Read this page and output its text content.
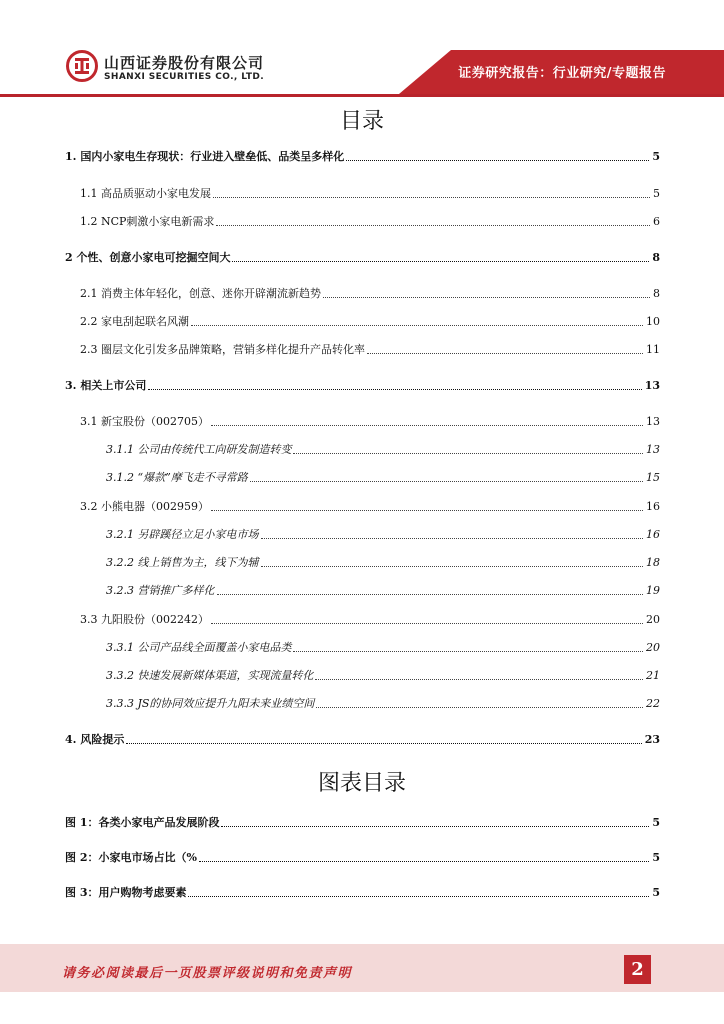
山西证券股份有限公司
SHANXI SECURITIES CO., LTD.	证券研究报告：行业研究/专题报告
目录
1. 国内小家电生存现状：行业进入壁垒低、品类呈多样化	5
1.1 高品质驱动小家电发展	5
1.2 NCP刺激小家电新需求	6
2 个性、创意小家电可挖掘空间大	8
2.1 消费主体年轻化，创意、迷你开辟潮流新趋势	8
2.2 家电刮起联名风潮	10
2.3 圈层文化引发多品牌策略，营销多样化提升产品转化率	11
3. 相关上市公司	13
3.1 新宝股份（002705）	13
3.1.1 公司由传统代工向研发制造转变	13
3.1.2 “爆款”摩飞走不寻常路	15
3.2 小熊电器（002959）	16
3.2.1 另辟蹊径立足小家电市场	16
3.2.2 线上销售为主，线下为辅	18
3.2.3 营销推广多样化	19
3.3 九阳股份（002242）	20
3.3.1 公司产品线全面覆盖小家电品类	20
3.3.2 快速发展新媒体渠道，实现流量转化	21
3.3.3 JS的协同效应提升九阳未来业绩空间	22
4. 风险提示	23
图表目录
图 1：各类小家电产品发展阶段	5
图 2：小家电市场占比（%	5
图 3：用户购物考虑要素	5
请务必阅读最后一页股票评级说明和免责声明	2
